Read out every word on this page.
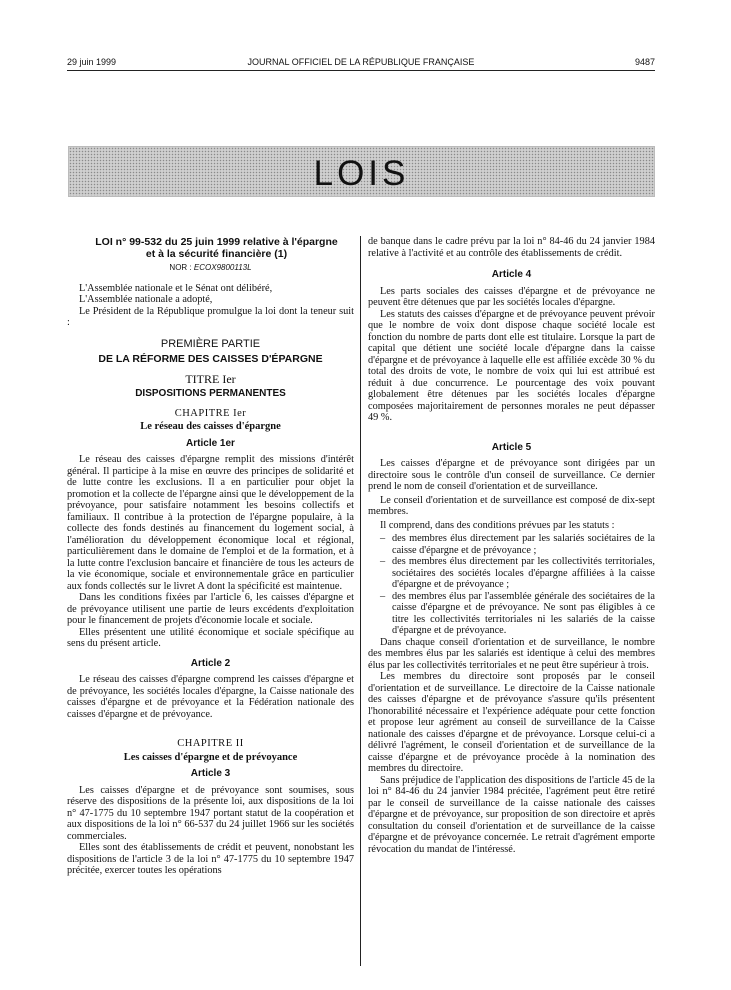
29 juin 1999	JOURNAL OFFICIEL DE LA RÉPUBLIQUE FRANÇAISE	9487
LOIS

LOI n° 99-532 du 25 juin 1999 relative à l'épargne

et à la sécurité financière (1)

NOR : ECOX9800113L

L'Assemblée nationale et le Sénat ont délibéré,

L'Assemblée nationale a adopté,

Le Président de la République promulgue la loi dont la teneur suit :

PREMIÈRE PARTIE
DE LA RÉFORME DES CAISSES D'ÉPARGNE
TITRE Ier
DISPOSITIONS PERMANENTES
CHAPITRE Ier
Le réseau des caisses d'épargne
Article 1er

Le réseau des caisses d'épargne remplit des missions d'intérêt général. Il participe à la mise en œuvre des principes de solidarité et de lutte contre les exclusions. Il a en particulier pour objet la promotion et la collecte de l'épargne ainsi que le développement de la prévoyance, pour satisfaire notamment les besoins collectifs et familiaux. Il contribue à la protection de l'épargne populaire, à la collecte des fonds destinés au financement du logement social, à l'amélioration du développement économique local et régional, particulièrement dans le domaine de l'emploi et de la formation, et à la lutte contre l'exclusion bancaire et financière de tous les acteurs de la vie économique, sociale et environnementale grâce en particulier aux fonds collectés sur le livret A dont la spécificité est maintenue.

Dans les conditions fixées par l'article 6, les caisses d'épargne et de prévoyance utilisent une partie de leurs excédents d'exploitation pour le financement de projets d'économie locale et sociale.

Elles présentent une utilité économique et sociale spécifique au sens du présent article.

Article 2

Le réseau des caisses d'épargne comprend les caisses d'épargne et de prévoyance, les sociétés locales d'épargne, la Caisse nationale des caisses d'épargne et de prévoyance et la Fédération nationale des caisses d'épargne et de prévoyance.

CHAPITRE II
Les caisses d'épargne et de prévoyance
Article 3

Les caisses d'épargne et de prévoyance sont soumises, sous réserve des dispositions de la présente loi, aux dispositions de la loi n° 47-1775 du 10 septembre 1947 portant statut de la coopération et aux dispositions de la loi n° 66-537 du 24 juillet 1966 sur les sociétés commerciales.

Elles sont des établissements de crédit et peuvent, nonobstant les dispositions de l'article 3 de la loi n° 47-1775 du 10 septembre 1947 précitée, exercer toutes les opérations

de banque dans le cadre prévu par la loi n° 84-46 du 24 janvier 1984 relative à l'activité et au contrôle des établissements de crédit.

Article 4

Les parts sociales des caisses d'épargne et de prévoyance ne peuvent être détenues que par les sociétés locales d'épargne.

Les statuts des caisses d'épargne et de prévoyance peuvent prévoir que le nombre de voix dont dispose chaque société locale est fonction du nombre de parts dont elle est titulaire. Lorsque la part de capital que détient une société locale d'épargne dans la caisse d'épargne et de prévoyance à laquelle elle est affiliée excède 30 % du total des droits de vote, le nombre de voix qui lui est attribué est réduit à due concurrence. Le pourcentage des voix pouvant globalement être détenues par les sociétés locales d'épargne composées majoritairement de personnes morales ne peut dépasser 49 %.

Article 5

Les caisses d'épargne et de prévoyance sont dirigées par un directoire sous le contrôle d'un conseil de surveillance. Ce dernier prend le nom de conseil d'orientation et de surveillance.

Le conseil d'orientation et de surveillance est composé de dix-sept membres.

Il comprend, dans des conditions prévues par les statuts :

– des membres élus directement par les salariés sociétaires de la caisse d'épargne et de prévoyance ;
– des membres élus directement par les collectivités territoriales, sociétaires des sociétés locales d'épargne affiliées à la caisse d'épargne et de prévoyance ;
– des membres élus par l'assemblée générale des sociétaires de la caisse d'épargne et de prévoyance. Ne sont pas éligibles à ce titre les collectivités territoriales ni les salariés de la caisse d'épargne et de prévoyance.

Dans chaque conseil d'orientation et de surveillance, le nombre des membres élus par les salariés est identique à celui des membres élus par les collectivités territoriales et ne peut être supérieur à trois.

Les membres du directoire sont proposés par le conseil d'orientation et de surveillance. Le directoire de la Caisse nationale des caisses d'épargne et de prévoyance s'assure qu'ils présentent l'honorabilité nécessaire et l'expérience adéquate pour cette fonction et propose leur agrément au conseil de surveillance de la Caisse nationale des caisses d'épargne et de prévoyance. Lorsque celui-ci a délivré l'agrément, le conseil d'orientation et de surveillance de la caisse d'épargne et de prévoyance procède à la nomination des membres du directoire.

Sans préjudice de l'application des dispositions de l'article 45 de la loi n° 84-46 du 24 janvier 1984 précitée, l'agrément peut être retiré par le conseil de surveillance de la caisse nationale des caisses d'épargne et de prévoyance, sur proposition de son directoire et après consultation du conseil d'orientation et de surveillance de la caisse d'épargne et de prévoyance concernée. Le retrait d'agrément emporte révocation du mandat de l'intéressé.
